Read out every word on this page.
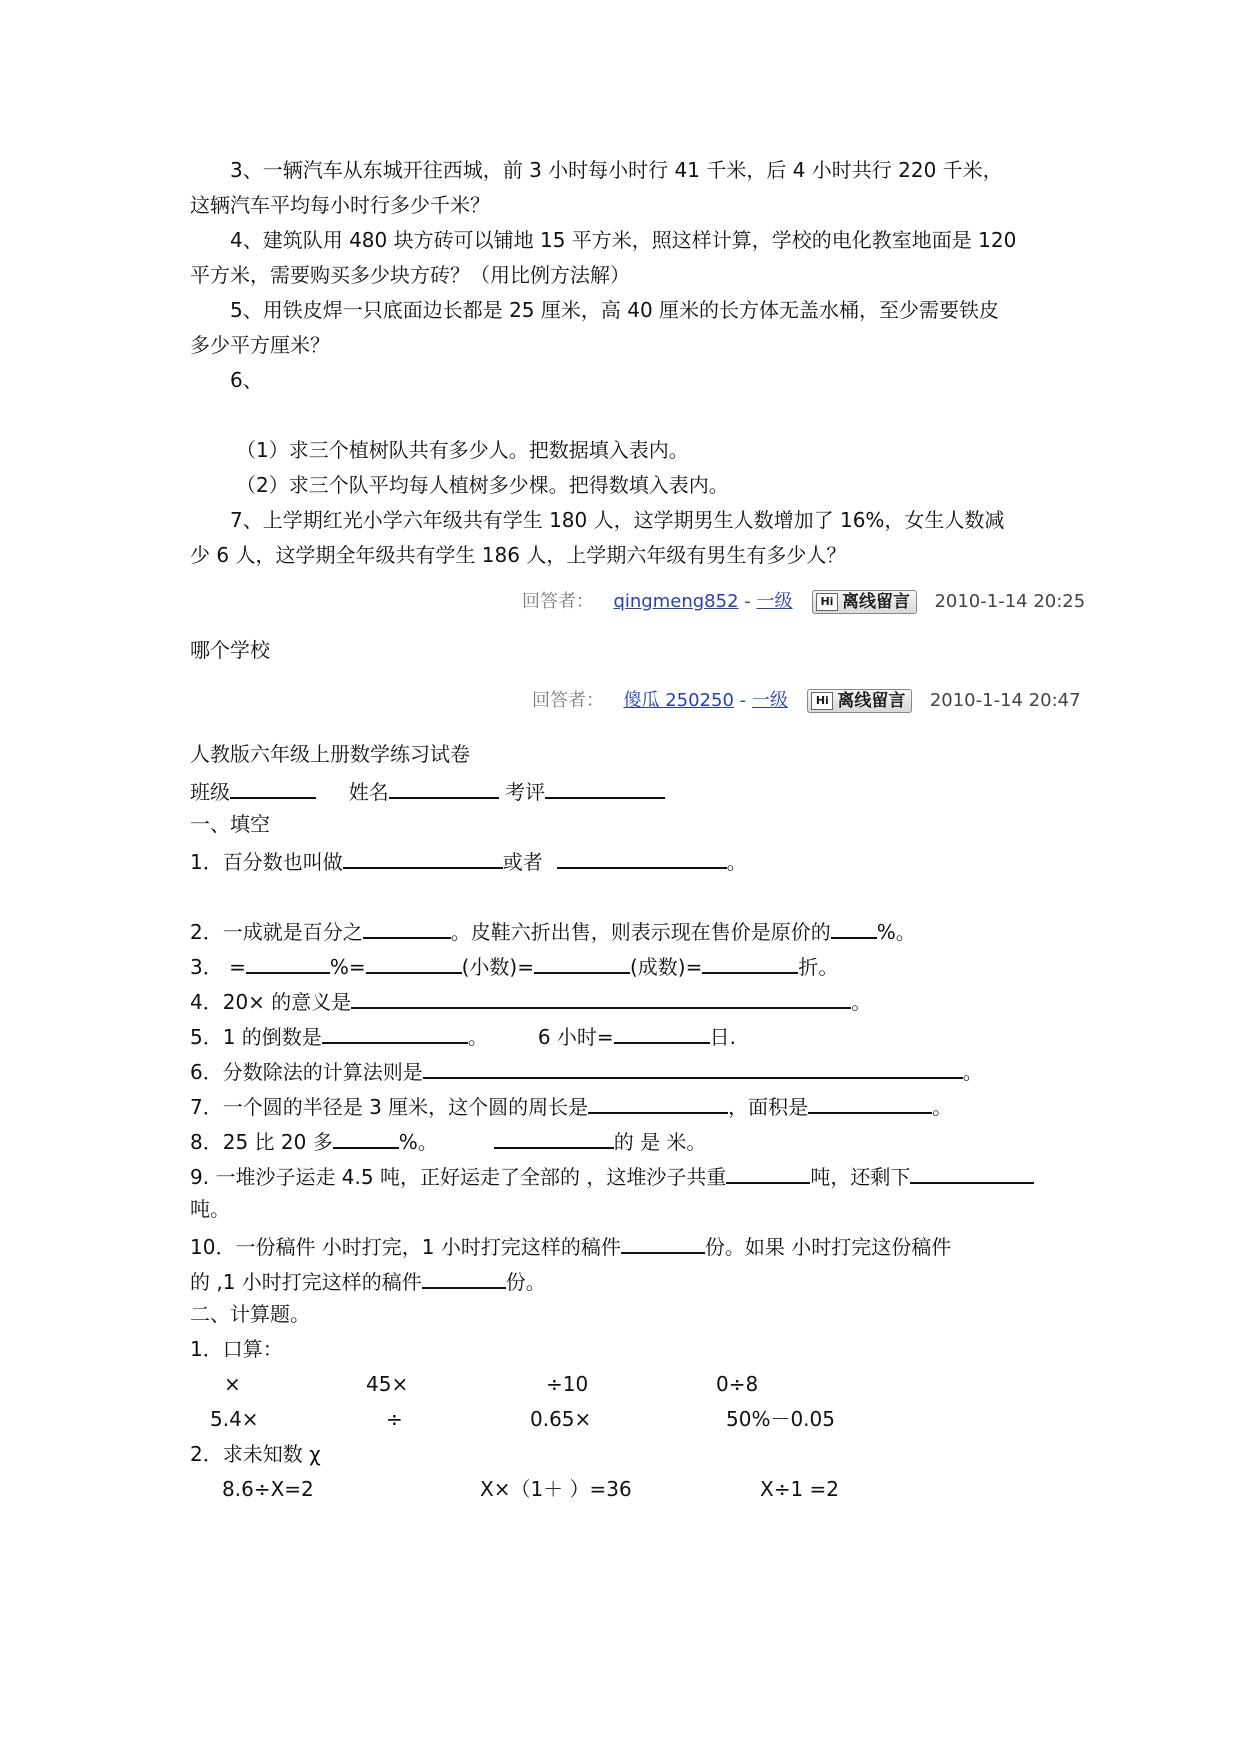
3、一辆汽车从东城开往西城，前 3 小时每小时行 41 千米，后 4 小时共行 220 千米，
这辆汽车平均每小时行多少千米？
4、建筑队用 480 块方砖可以铺地 15 平方米，照这样计算，学校的电化教室地面是 120
平方米，需要购买多少块方砖？（用比例方法解）
5、用铁皮焊一只底面边长都是 25 厘米，高 40 厘米的长方体无盖水桶，至少需要铁皮
多少平方厘米？
6、
（1）求三个植树队共有多少人。把数据填入表内。
（2）求三个队平均每人植树多少棵。把得数填入表内。
7、上学期红光小学六年级共有学生 180 人，这学期男生人数增加了 16%，女生人数减
少 6 人，这学期全年级共有学生 186 人，上学期六年级有男生有多少人？
回答者： qingmeng852 - 一级	Hi 离线留言 2010-1-14 20:25
哪个学校
回答者： 傻瓜 250250 - 一级	Hi 离线留言 2010-1-14 20:47
人教版六年级上册数学练习试卷
班级	姓名	考评
一、填空
1．百分数也叫做	或者	。
2．一成就是百分之	。皮鞋六折出售，则表示现在售价是原价的 %。
3． =	%=	(小数)=	(成数)=	折。
4．20× 的意义是	。
5．1 的倒数是	。	6 小时=	日.
6．分数除法的计算法则是	。
7．一个圆的半径是 3 厘米，这个圆的周长是	，面积是	。
8．25 比 20 多	%。	的 是 米。
9. 一堆沙子运走 4.5 吨，正好运走了全部的 ，这堆沙子共重	吨，还剩下
吨。
10．一份稿件 小时打完，1 小时打完这样的稿件	份。如果 小时打完这份稿件
的 ,1 小时打完这样的稿件	份。
二、计算题。
1．口算：
×	45×	÷10	0÷8
5.4×	÷	0.65×	50%－0.05
2．求未知数 χ
8.6÷Ⅹ=2	Ⅹ×（1＋ ）=36	Ⅹ÷1 =2
